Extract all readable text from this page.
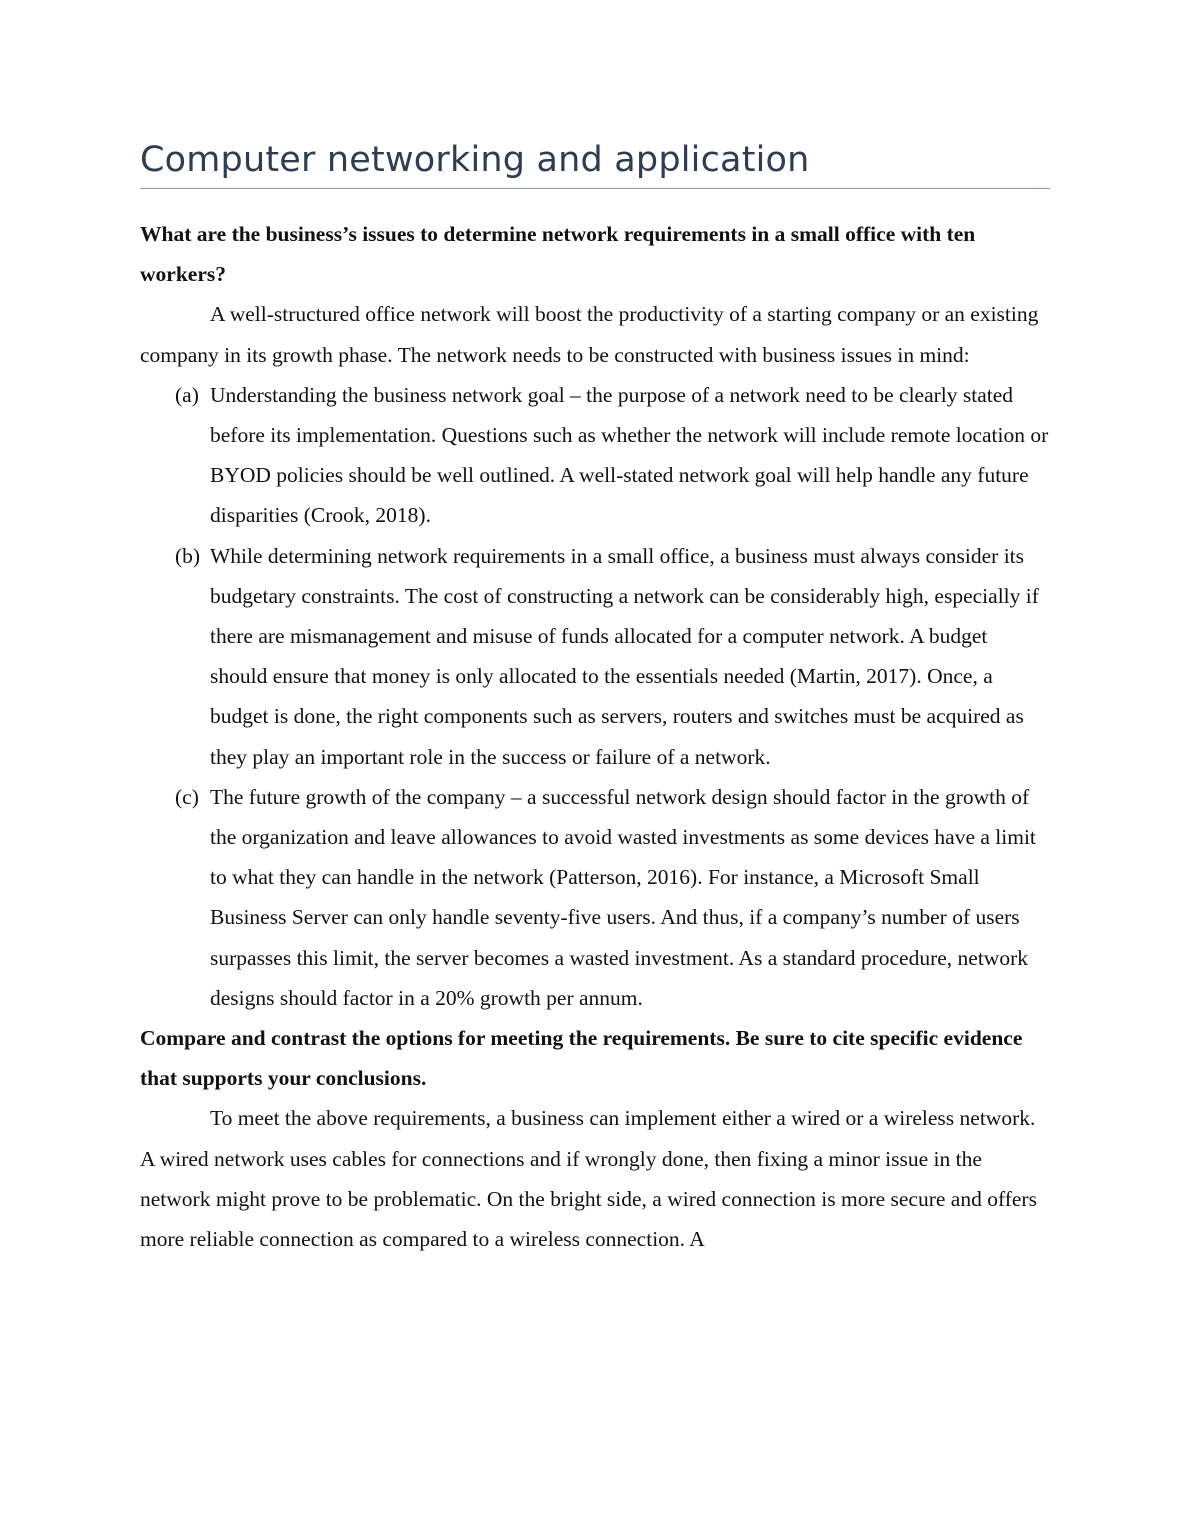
Computer networking and application

What are the business’s issues to determine network requirements in a small office with ten workers?

A well-structured office network will boost the productivity of a starting company or an existing company in its growth phase. The network needs to be constructed with business issues in mind:

(a) Understanding the business network goal – the purpose of a network need to be clearly stated before its implementation. Questions such as whether the network will include remote location or BYOD policies should be well outlined. A well-stated network goal will help handle any future disparities (Crook, 2018).
(b) While determining network requirements in a small office, a business must always consider its budgetary constraints. The cost of constructing a network can be considerably high, especially if there are mismanagement and misuse of funds allocated for a computer network. A budget should ensure that money is only allocated to the essentials needed (Martin, 2017). Once, a budget is done, the right components such as servers, routers and switches must be acquired as they play an important role in the success or failure of a network.
(c) The future growth of the company – a successful network design should factor in the growth of the organization and leave allowances to avoid wasted investments as some devices have a limit to what they can handle in the network (Patterson, 2016). For instance, a Microsoft Small Business Server can only handle seventy-five users. And thus, if a company’s number of users surpasses this limit, the server becomes a wasted investment. As a standard procedure, network designs should factor in a 20% growth per annum.

Compare and contrast the options for meeting the requirements. Be sure to cite specific evidence that supports your conclusions.

To meet the above requirements, a business can implement either a wired or a wireless network. A wired network uses cables for connections and if wrongly done, then fixing a minor issue in the network might prove to be problematic. On the bright side, a wired connection is more secure and offers more reliable connection as compared to a wireless connection. A
